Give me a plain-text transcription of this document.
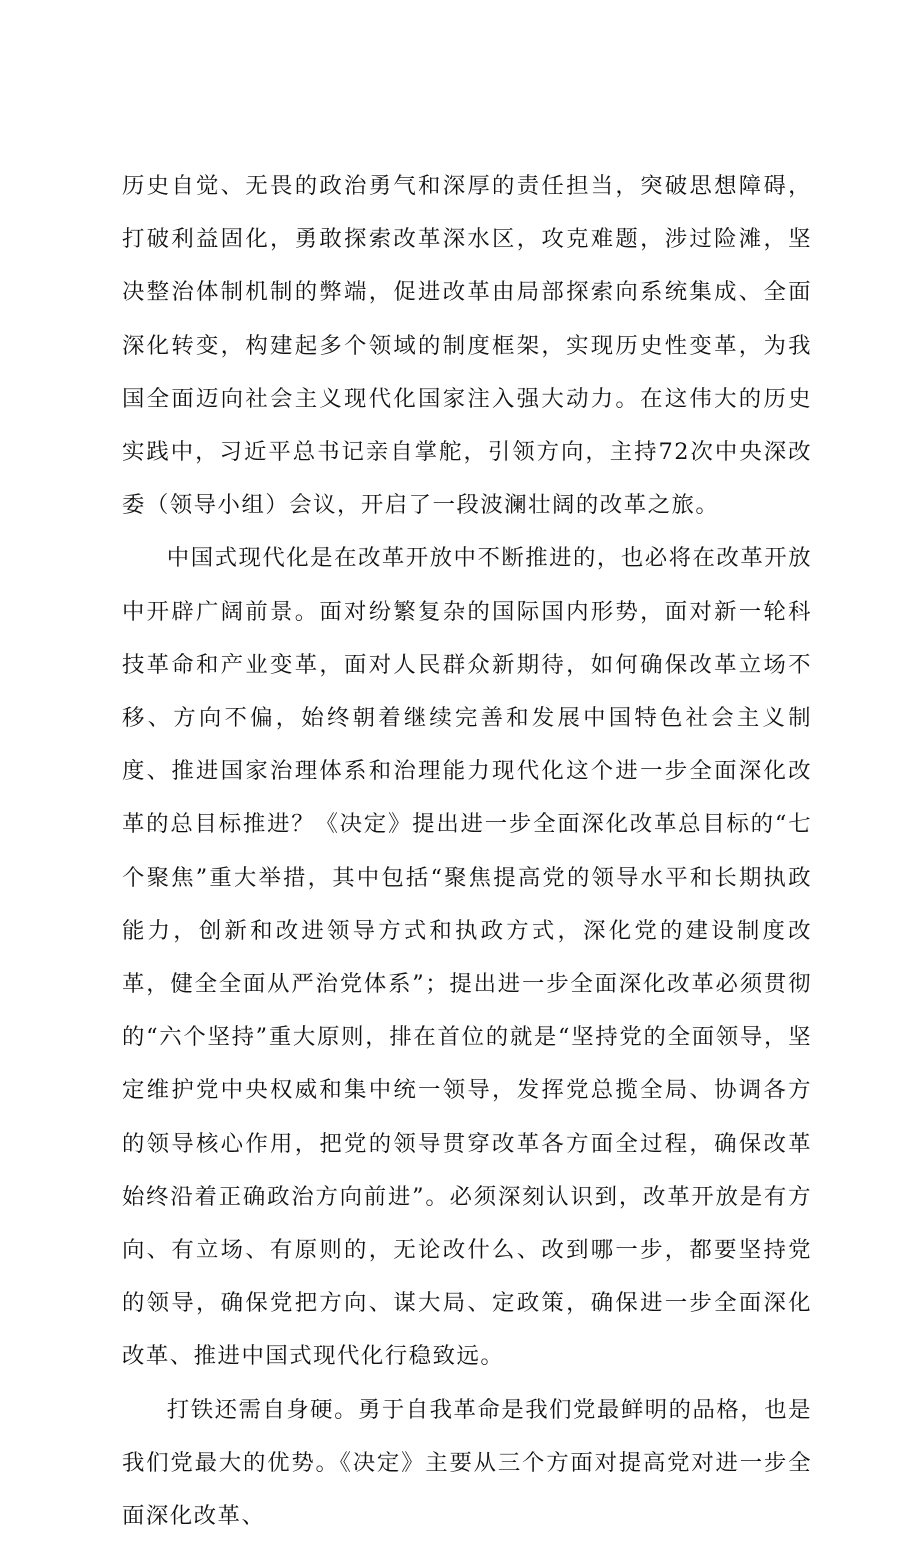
历史自觉、无畏的政治勇气和深厚的责任担当，突破思想障碍，打破利益固化，勇敢探索改革深水区，攻克难题，涉过险滩，坚决整治体制机制的弊端，促进改革由局部探索向系统集成、全面深化转变，构建起多个领域的制度框架，实现历史性变革，为我国全面迈向社会主义现代化国家注入强大动力。在这伟大的历史实践中，习近平总书记亲自掌舵，引领方向，主持72次中央深改委（领导小组）会议，开启了一段波澜壮阔的改革之旅。

中国式现代化是在改革开放中不断推进的，也必将在改革开放中开辟广阔前景。面对纷繁复杂的国际国内形势，面对新一轮科技革命和产业变革，面对人民群众新期待，如何确保改革立场不移、方向不偏，始终朝着继续完善和发展中国特色社会主义制度、推进国家治理体系和治理能力现代化这个进一步全面深化改革的总目标推进？《决定》提出进一步全面深化改革总目标的“七个聚焦”重大举措，其中包括“聚焦提高党的领导水平和长期执政能力，创新和改进领导方式和执政方式，深化党的建设制度改革，健全全面从严治党体系”；提出进一步全面深化改革必须贯彻的“六个坚持”重大原则，排在首位的就是“坚持党的全面领导，坚定维护党中央权威和集中统一领导，发挥党总揽全局、协调各方的领导核心作用，把党的领导贯穿改革各方面全过程，确保改革始终沿着正确政治方向前进”。必须深刻认识到，改革开放是有方向、有立场、有原则的，无论改什么、改到哪一步，都要坚持党的领导，确保党把方向、谋大局、定政策，确保进一步全面深化改革、推进中国式现代化行稳致远。

打铁还需自身硬。勇于自我革命是我们党最鲜明的品格，也是我们党最大的优势。《决定》主要从三个方面对提高党对进一步全面深化改革、
